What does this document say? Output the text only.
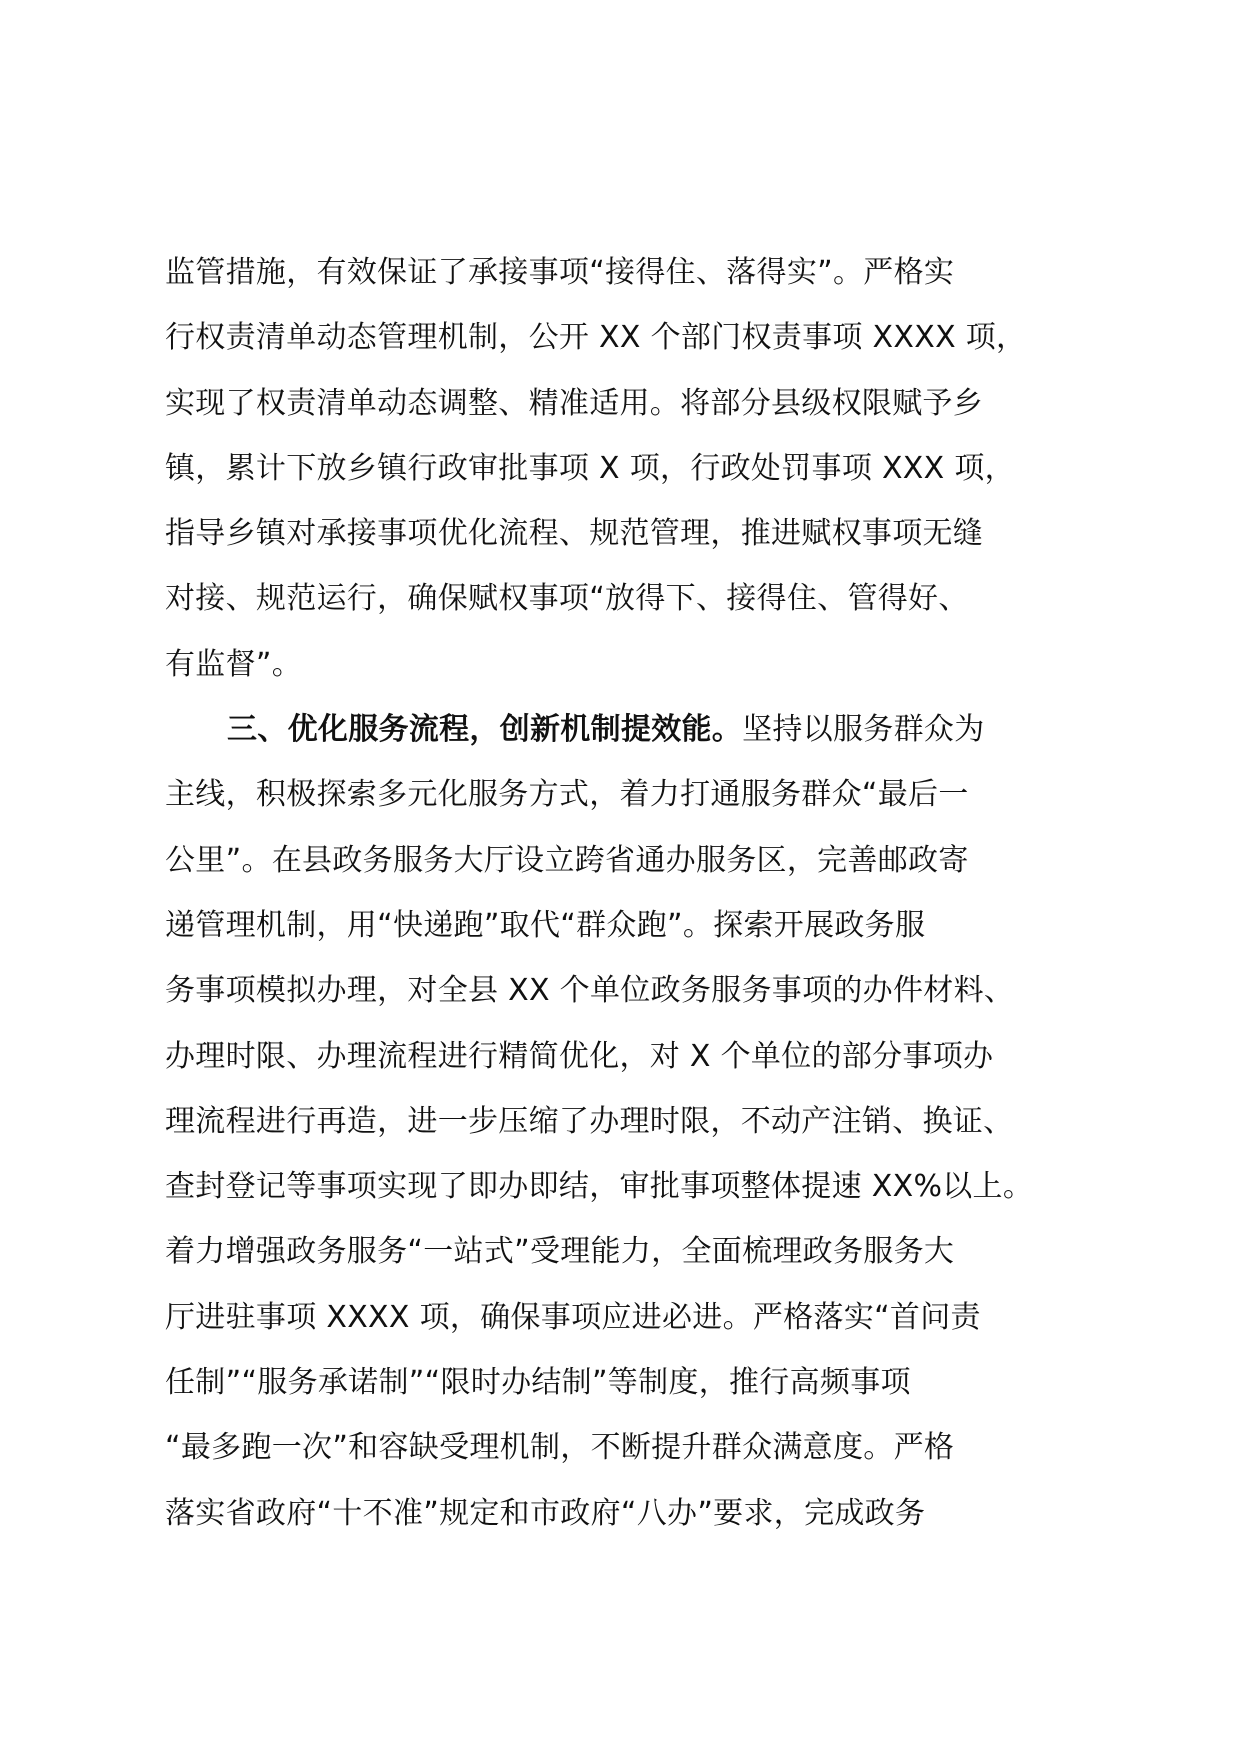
监管措施，有效保证了承接事项“接得住、落得实”。严格实
行权责清单动态管理机制，公开 XX 个部门权责事项 XXXX 项，
实现了权责清单动态调整、精准适用。将部分县级权限赋予乡
镇，累计下放乡镇行政审批事项 X 项，行政处罚事项 XXX 项，
指导乡镇对承接事项优化流程、规范管理，推进赋权事项无缝
对接、规范运行，确保赋权事项“放得下、接得住、管得好、
有监督”。
三、优化服务流程，创新机制提效能。坚持以服务群众为
主线，积极探索多元化服务方式，着力打通服务群众“最后一
公里”。在县政务服务大厅设立跨省通办服务区，完善邮政寄
递管理机制，用“快递跑”取代“群众跑”。探索开展政务服
务事项模拟办理，对全县 XX 个单位政务服务事项的办件材料、
办理时限、办理流程进行精简优化，对 X 个单位的部分事项办
理流程进行再造，进一步压缩了办理时限，不动产注销、换证、
查封登记等事项实现了即办即结，审批事项整体提速 XX%以上。
着力增强政务服务“一站式”受理能力，全面梳理政务服务大
厅进驻事项 XXXX 项，确保事项应进必进。严格落实“首问责
任制”“服务承诺制”“限时办结制”等制度，推行高频事项
“最多跑一次”和容缺受理机制，不断提升群众满意度。严格
落实省政府“十不准”规定和市政府“八办”要求，完成政务
